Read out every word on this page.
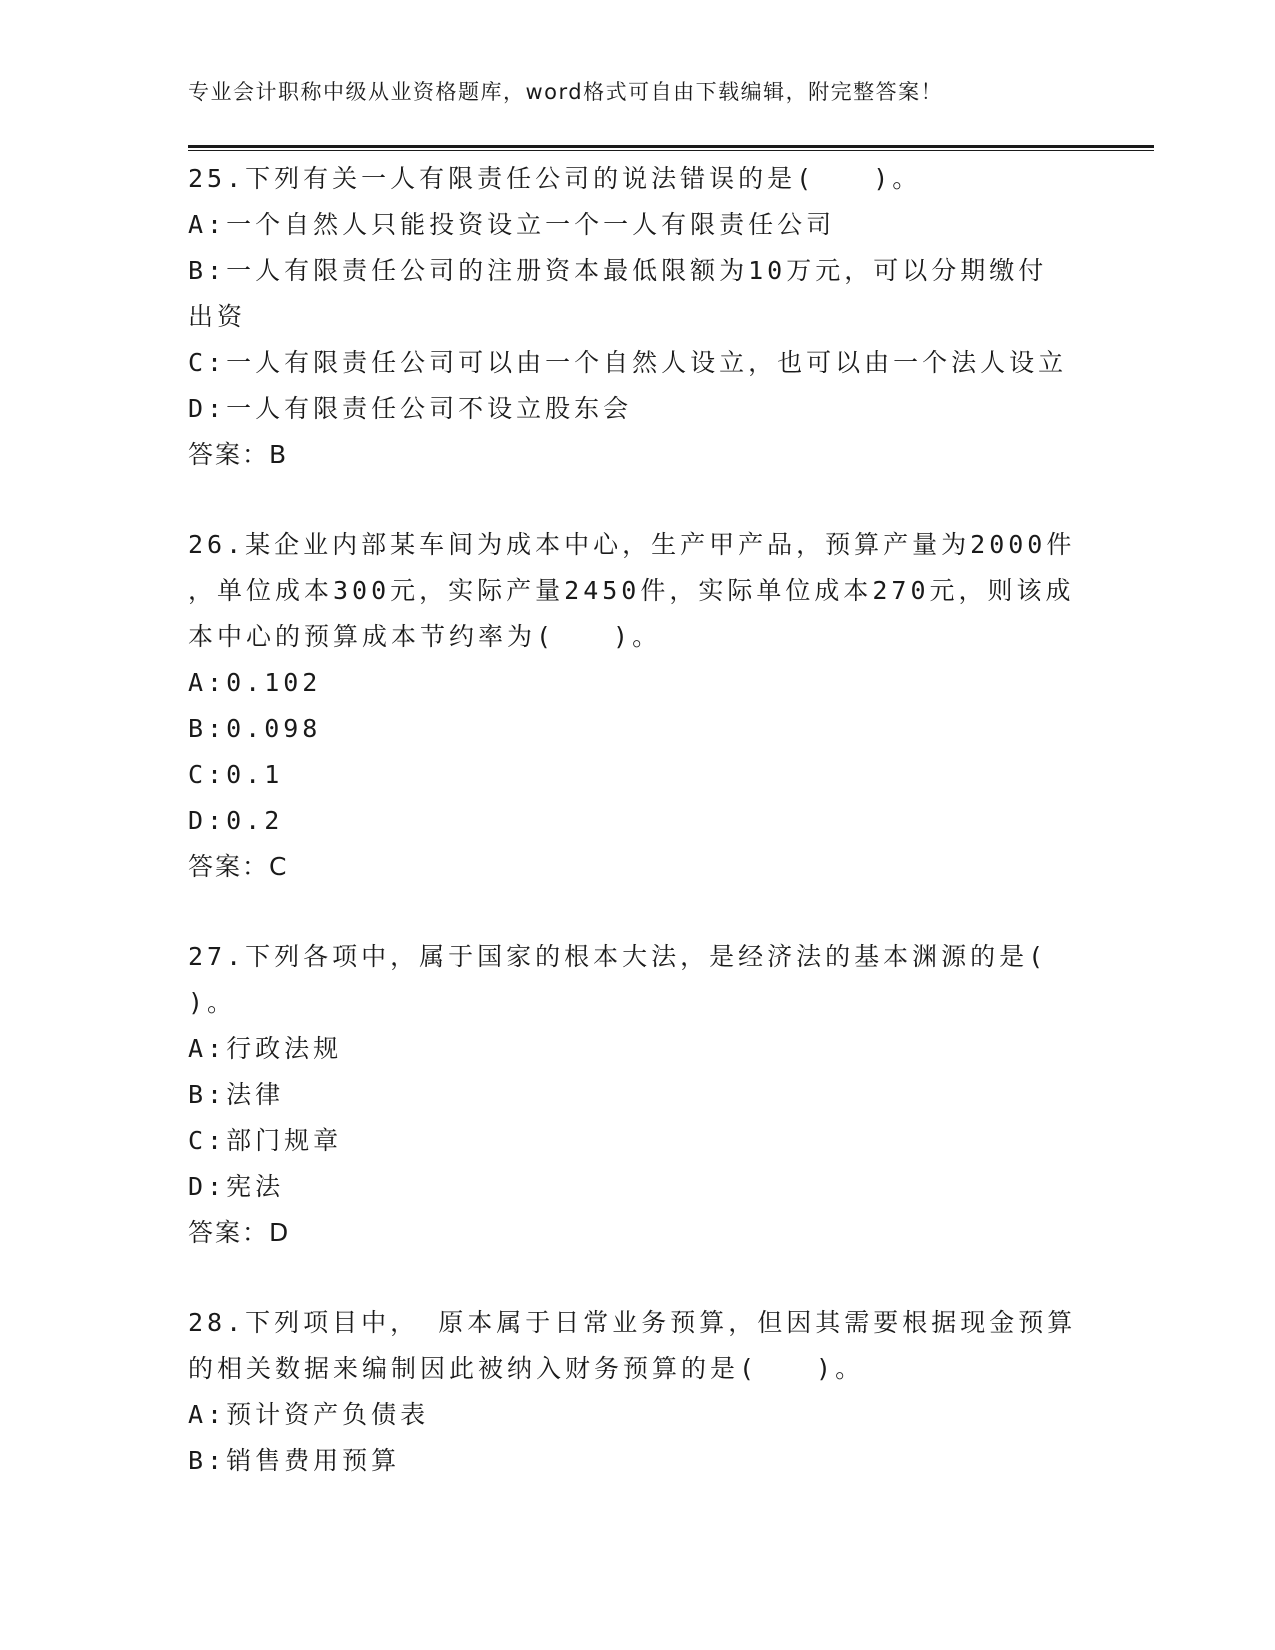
专业会计职称中级从业资格题库，word格式可自由下载编辑，附完整答案！
25.下列有关一人有限责任公司的说法错误的是(　　)。
A:一个自然人只能投资设立一个一人有限责任公司
B:一人有限责任公司的注册资本最低限额为10万元，可以分期缴付
出资
C:一人有限责任公司可以由一个自然人设立，也可以由一个法人设立
D:一人有限责任公司不设立股东会
答案：B
26.某企业内部某车间为成本中心，生产甲产品，预算产量为2000件
，单位成本300元，实际产量2450件，实际单位成本270元，则该成
本中心的预算成本节约率为(　　)。
A:0.102
B:0.098
C:0.1
D:0.2
答案：C
27.下列各项中，属于国家的根本大法，是经济法的基本渊源的是(
)。
A:行政法规
B:法律
C:部门规章
D:宪法
答案：D
28.下列项目中， 原本属于日常业务预算，但因其需要根据现金预算
的相关数据来编制因此被纳入财务预算的是(　　)。
A:预计资产负债表
B:销售费用预算
